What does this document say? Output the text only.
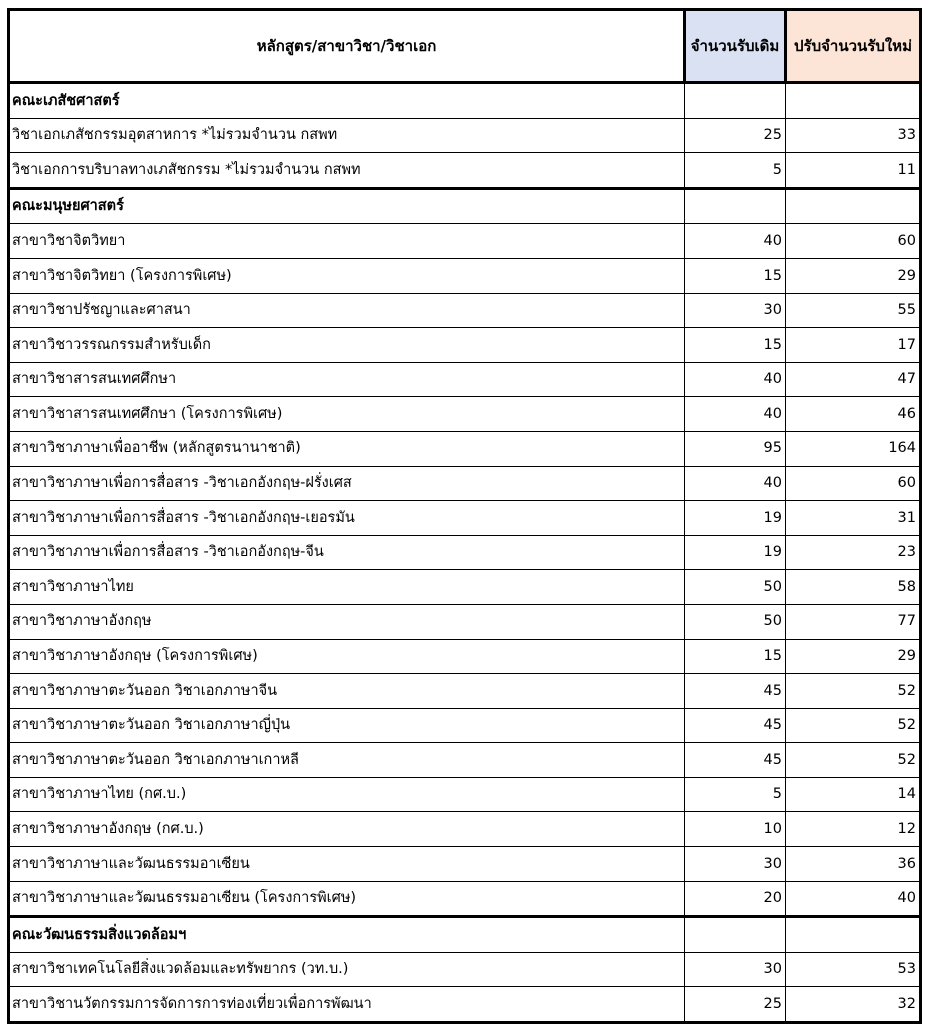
หลักสูตร/สาขาวิชา/วิชาเอก	จำนวนรับเดิม	ปรับจำนวนรับใหม่
คณะเภสัชศาสตร์		
วิชาเอกเภสัชกรรมอุตสาหการ *ไม่รวมจำนวน กสพท	25	33
วิชาเอกการบริบาลทางเภสัชกรรม *ไม่รวมจำนวน กสพท	5	11
คณะมนุษยศาสตร์		
สาขาวิชาจิตวิทยา	40	60
สาขาวิชาจิตวิทยา (โครงการพิเศษ)	15	29
สาขาวิชาปรัชญาและศาสนา	30	55
สาขาวิชาวรรณกรรมสำหรับเด็ก	15	17
สาขาวิชาสารสนเทศศึกษา	40	47
สาขาวิชาสารสนเทศศึกษา (โครงการพิเศษ)	40	46
สาขาวิชาภาษาเพื่ออาชีพ (หลักสูตรนานาชาติ)	95	164
สาขาวิชาภาษาเพื่อการสื่อสาร -วิชาเอกอังกฤษ-ฝรั่งเศส	40	60
สาขาวิชาภาษาเพื่อการสื่อสาร -วิชาเอกอังกฤษ-เยอรมัน	19	31
สาขาวิชาภาษาเพื่อการสื่อสาร -วิชาเอกอังกฤษ-จีน	19	23
สาขาวิชาภาษาไทย	50	58
สาขาวิชาภาษาอังกฤษ	50	77
สาขาวิชาภาษาอังกฤษ (โครงการพิเศษ)	15	29
สาขาวิชาภาษาตะวันออก วิชาเอกภาษาจีน	45	52
สาขาวิชาภาษาตะวันออก วิชาเอกภาษาญี่ปุ่น	45	52
สาขาวิชาภาษาตะวันออก วิชาเอกภาษาเกาหลี	45	52
สาขาวิชาภาษาไทย (กศ.บ.)	5	14
สาขาวิชาภาษาอังกฤษ (กศ.บ.)	10	12
สาขาวิชาภาษาและวัฒนธรรมอาเซียน	30	36
สาขาวิชาภาษาและวัฒนธรรมอาเซียน (โครงการพิเศษ)	20	40
คณะวัฒนธรรมสิ่งแวดล้อมฯ		
สาขาวิชาเทคโนโลยีสิ่งแวดล้อมและทรัพยากร (วท.บ.)	30	53
สาขาวิชานวัตกรรมการจัดการการท่องเที่ยวเพื่อการพัฒนา	25	32
